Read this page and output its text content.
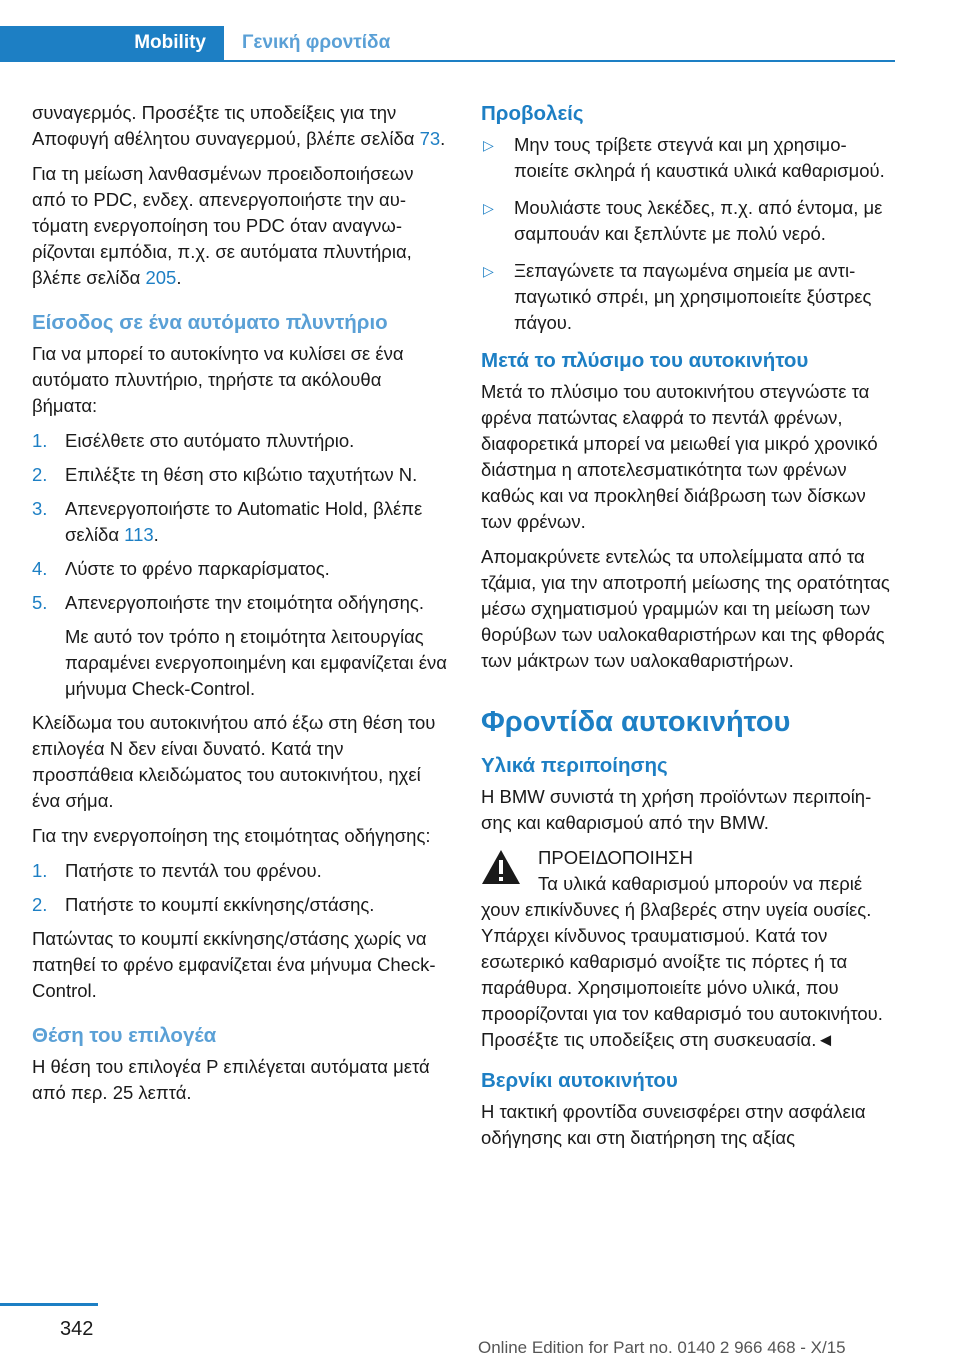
Mobility	Γενική φροντίδα

συναγερμός. Προσέξτε τις υποδείξεις για την Αποφυγή αθέλητου συναγερμού, βλέπε σελίδα 73.

Για τη μείωση λανθασμένων προειδοποιήσεων από το PDC, ενδεχ. απενεργοποιήστε την αυτόματη ενεργοποίηση του PDC όταν αναγνωρίζονται εμπόδια, π.χ. σε αυτόματα πλυντήρια, βλέπε σελίδα 205.

Είσοδος σε ένα αυτόματο πλυντήριο

Για να μπορεί το αυτοκίνητο να κυλίσει σε ένα αυτόματο πλυντήριο, τηρήστε τα ακόλουθα βήματα:

1. Εισέλθετε στο αυτόματο πλυντήριο.
2. Επιλέξτε τη θέση στο κιβώτιο ταχυτήτων N.
3. Απενεργοποιήστε το Automatic Hold, βλέπε σελίδα 113.
4. Λύστε το φρένο παρκαρίσματος.
5. Απενεργοποιήστε την ετοιμότητα οδήγησης.
Με αυτό τον τρόπο η ετοιμότητα λειτουργίας παραμένει ενεργοποιημένη και εμφανίζεται ένα μήνυμα Check-Control.

Κλείδωμα του αυτοκινήτου από έξω στη θέση του επιλογέα N δεν είναι δυνατό. Κατά την προσπάθεια κλειδώματος του αυτοκινήτου, ηχεί ένα σήμα.

Για την ενεργοποίηση της ετοιμότητας οδήγησης:

1. Πατήστε το πεντάλ του φρένου.
2. Πατήστε το κουμπί εκκίνησης/στάσης.

Πατώντας το κουμπί εκκίνησης/στάσης χωρίς να πατηθεί το φρένο εμφανίζεται ένα μήνυμα Check-Control.

Θέση του επιλογέα

Η θέση του επιλογέα P επιλέγεται αυτόματα μετά από περ. 25 λεπτά.

Προβολείς
▷ Μην τους τρίβετε στεγνά και μη χρησιμοποιείτε σκληρά ή καυστικά υλικά καθαρισμού.
▷ Μουλιάστε τους λεκέδες, π.χ. από έντομα, με σαμπουάν και ξεπλύντε με πολύ νερό.
▷ Ξεπαγώνετε τα παγωμένα σημεία με αντιπαγωτικό σπρέι, μη χρησιμοποιείτε ξύστρες πάγου.
Μετά το πλύσιμο του αυτοκινήτου

Μετά το πλύσιμο του αυτοκινήτου στεγνώστε τα φρένα πατώντας ελαφρά το πεντάλ φρένων, διαφορετικά μπορεί να μειωθεί για μικρό χρονικό διάστημα η αποτελεσματικότητα των φρένων καθώς και να προκληθεί διάβρωση των δίσκων των φρένων.

Απομακρύνετε εντελώς τα υπολείμματα από τα τζάμια, για την αποτροπή μείωσης της ορατότητας μέσω σχηματισμού γραμμών και τη μείωση των θορύβων των υαλοκαθαριστήρων και της φθοράς των μάκτρων των υαλοκαθαριστήρων.

Φροντίδα αυτοκινήτου
Υλικά περιποίησης

Η BMW συνιστά τη χρήση προϊόντων περιποίησης και καθαρισμού από την BMW.

ΠΡΟΕΙΔΟΠΟΙΗΣΗ
Τα υλικά καθαρισμού μπορούν να περιέ
χουν επικίνδυνες ή βλαβερές στην υγεία ουσίες. Υπάρχει κίνδυνος τραυματισμού. Κατά τον εσωτερικό καθαρισμό ανοίξτε τις πόρτες ή τα παράθυρα. Χρησιμοποιείτε μόνο υλικά, που προορίζονται για τον καθαρισμό του αυτοκινήτου. Προσέξτε τις υποδείξεις στη συσκευασία.◄
Βερνίκι αυτοκινήτου

Η τακτική φροντίδα συνεισφέρει στην ασφάλεια οδήγησης και στη διατήρηση της αξίας

342
Online Edition for Part no. 0140 2 966 468 - X/15
